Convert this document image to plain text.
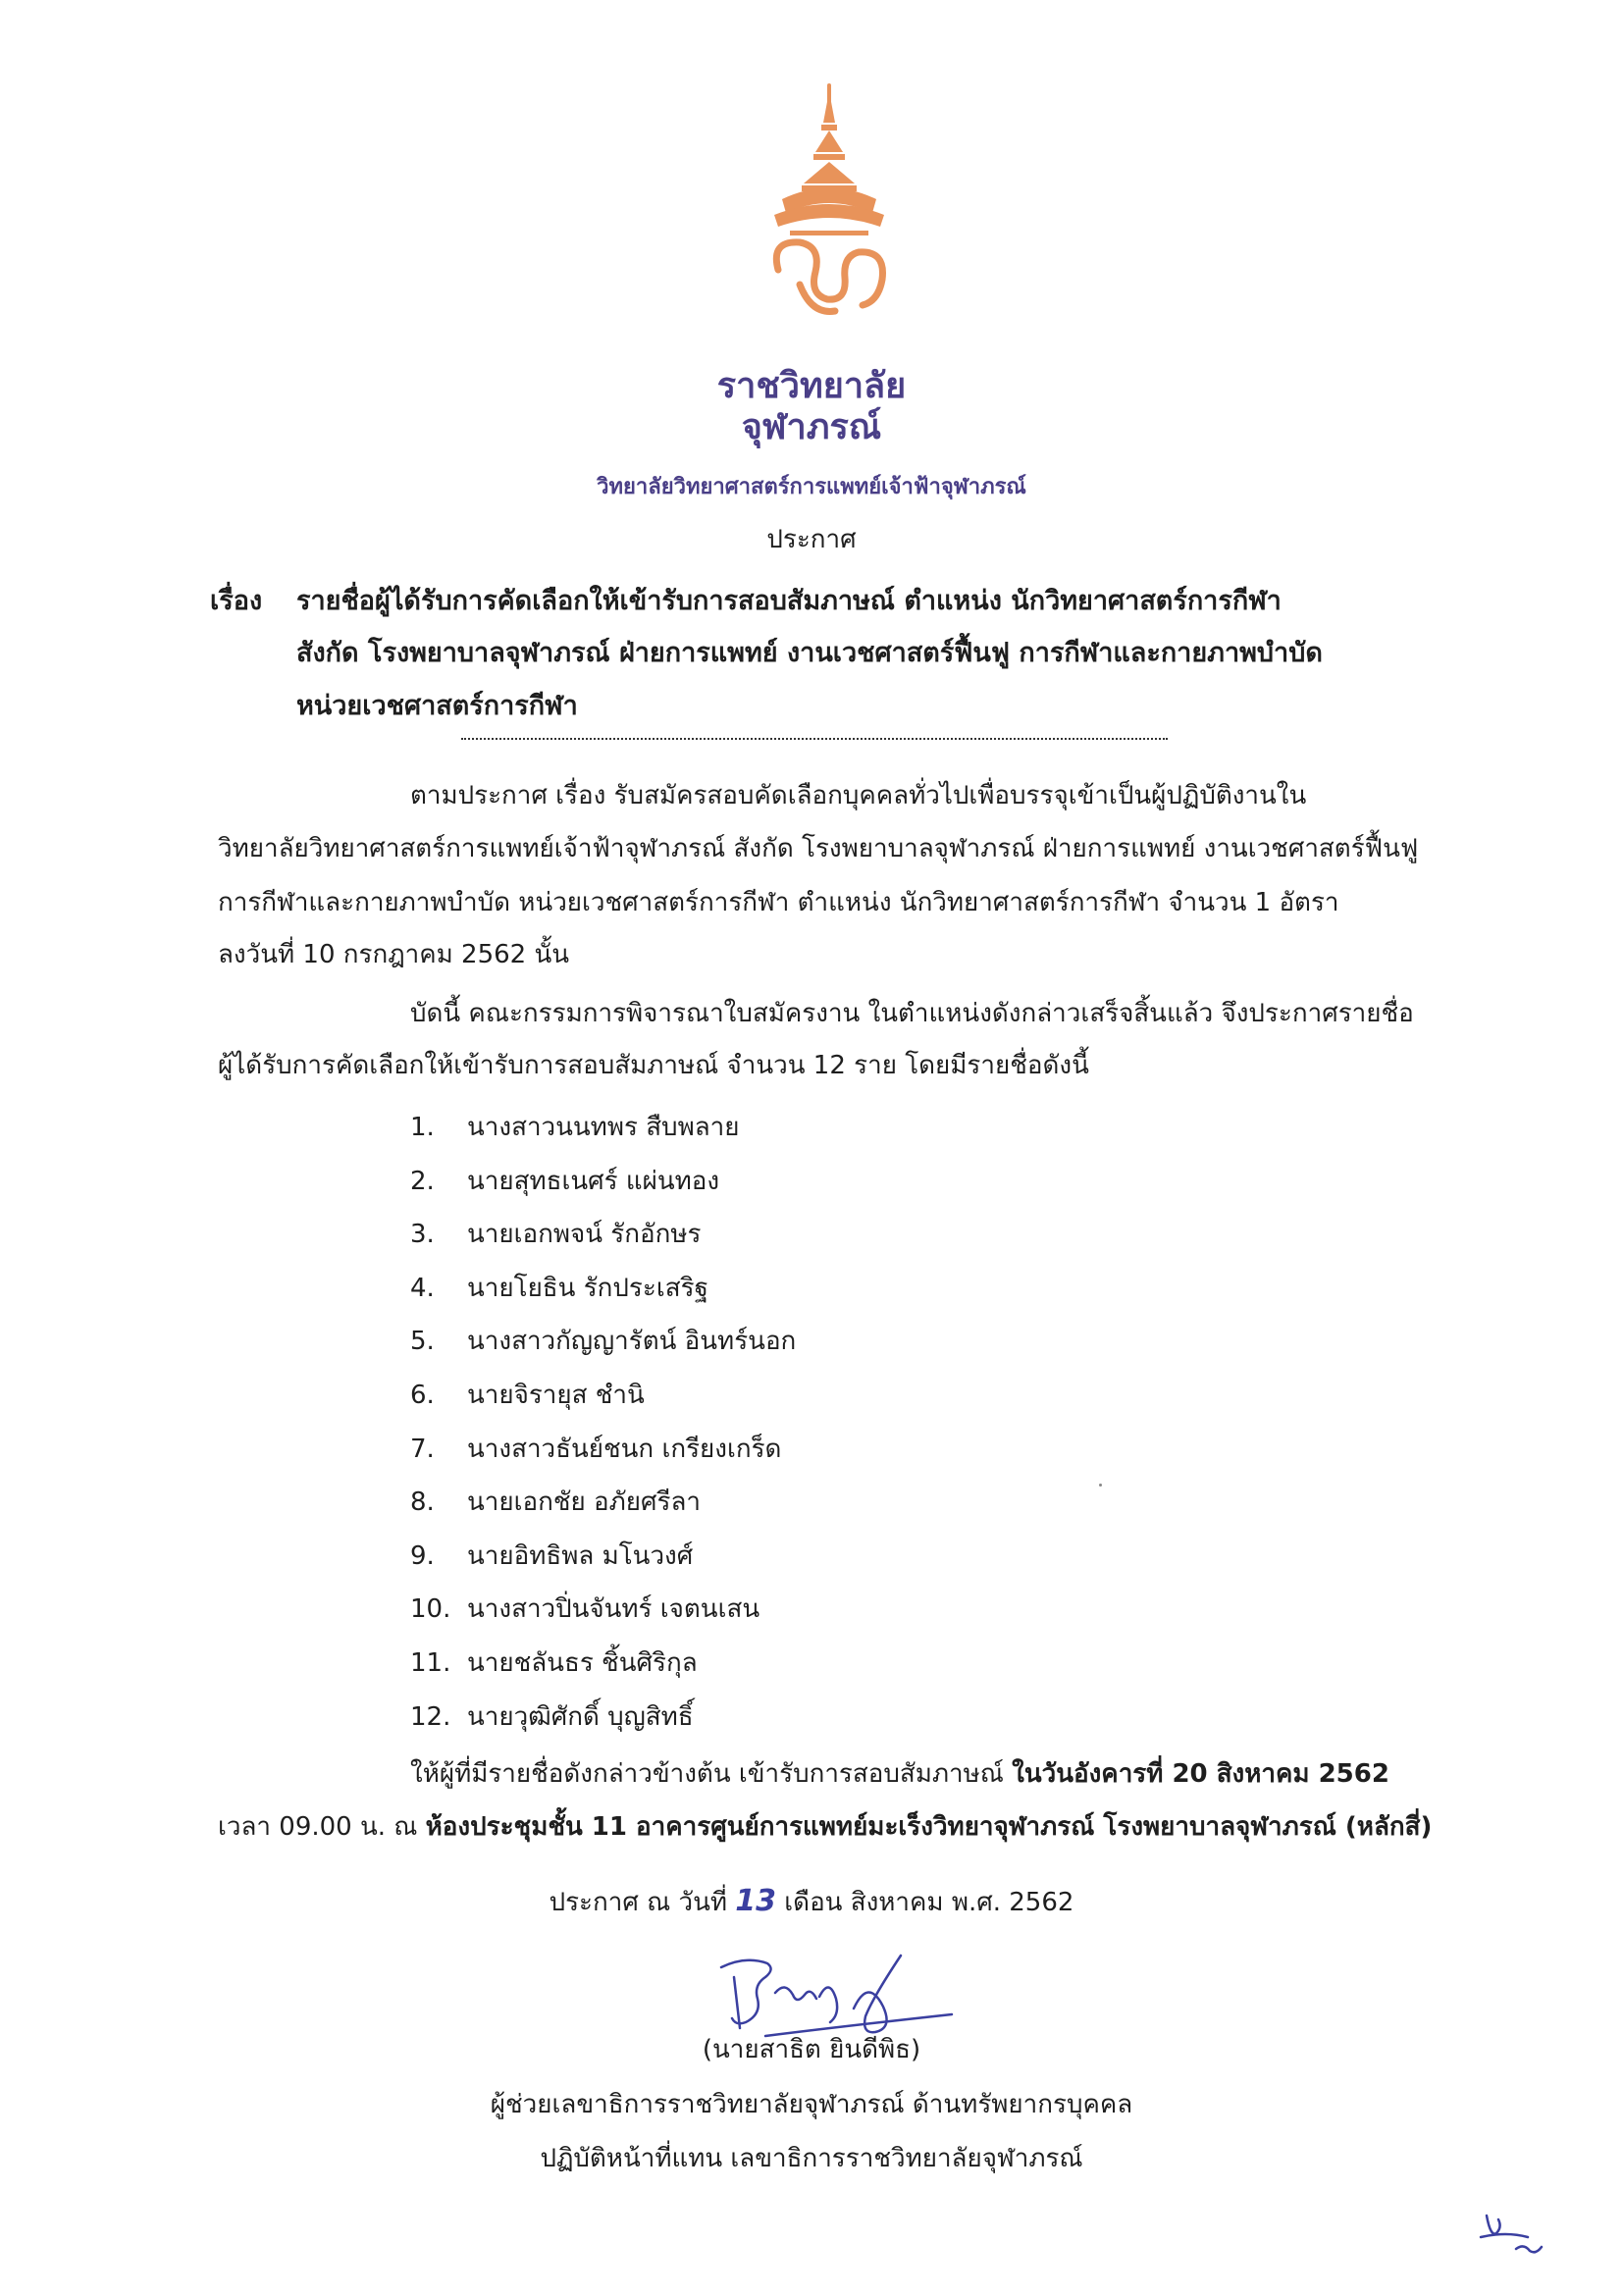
ราชวิทยาลัย
จุฬาภรณ์
วิทยาลัยวิทยาศาสตร์การแพทย์เจ้าฟ้าจุฬาภรณ์
ประกาศ
เรื่อง รายชื่อผู้ได้รับการคัดเลือกให้เข้ารับการสอบสัมภาษณ์ ตำแหน่ง นักวิทยาศาสตร์การกีฬา
สังกัด โรงพยาบาลจุฬาภรณ์ ฝ่ายการแพทย์ งานเวชศาสตร์ฟื้นฟู การกีฬาและกายภาพบำบัด
หน่วยเวชศาสตร์การกีฬา
ตามประกาศ เรื่อง รับสมัครสอบคัดเลือกบุคคลทั่วไปเพื่อบรรจุเข้าเป็นผู้ปฏิบัติงานใน
วิทยาลัยวิทยาศาสตร์การแพทย์เจ้าฟ้าจุฬาภรณ์ สังกัด โรงพยาบาลจุฬาภรณ์ ฝ่ายการแพทย์ งานเวชศาสตร์ฟื้นฟู
การกีฬาและกายภาพบำบัด หน่วยเวชศาสตร์การกีฬา ตำแหน่ง นักวิทยาศาสตร์การกีฬา จำนวน 1 อัตรา
ลงวันที่ 10 กรกฎาคม 2562 นั้น
บัดนี้ คณะกรรมการพิจารณาใบสมัครงาน ในตำแหน่งดังกล่าวเสร็จสิ้นแล้ว จึงประกาศรายชื่อ
ผู้ได้รับการคัดเลือกให้เข้ารับการสอบสัมภาษณ์ จำนวน 12 ราย โดยมีรายชื่อดังนี้
1. นางสาวนนทพร สืบพลาย
2. นายสุทธเนศร์ แผ่นทอง
3. นายเอกพจน์ รักอักษร
4. นายโยธิน รักประเสริฐ
5. นางสาวกัญญารัตน์ อินทร์นอก
6. นายจิรายุส ชำนิ
7. นางสาวธันย์ชนก เกรียงเกร็ด
8. นายเอกชัย อภัยศรีลา
9. นายอิทธิพล มโนวงศ์
10. นางสาวปิ่นจันทร์ เจตนเสน
11. นายชลันธร ชิ้นศิริกุล
12. นายวุฒิศักดิ์ บุญสิทธิ์
ให้ผู้ที่มีรายชื่อดังกล่าวข้างต้น เข้ารับการสอบสัมภาษณ์ ในวันอังคารที่ 20 สิงหาคม 2562
เวลา 09.00 น. ณ ห้องประชุมชั้น 11 อาคารศูนย์การแพทย์มะเร็งวิทยาจุฬาภรณ์ โรงพยาบาลจุฬาภรณ์ (หลักสี่)
ประกาศ ณ วันที่ 13 เดือน สิงหาคม พ.ศ. 2562
(นายสาธิต ยินดีพิธ)
ผู้ช่วยเลขาธิการราชวิทยาลัยจุฬาภรณ์ ด้านทรัพยากรบุคคล
ปฏิบัติหน้าที่แทน เลขาธิการราชวิทยาลัยจุฬาภรณ์
